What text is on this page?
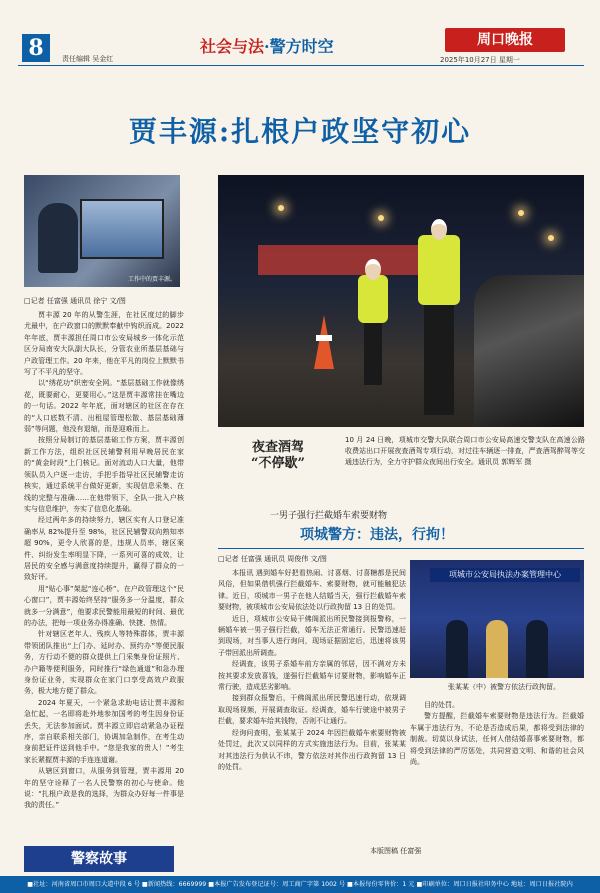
8	责任编辑 吴金红
社会与法·警方时空	周口晚报
2025年10月27日 星期一
贾丰源:扎根户政坚守初心
工作中的贾丰源。
□记者 任富强 通讯员 徐宁 文/图

贾丰源 20 年的从警生涯，在社区度过的脚步尤最中，在户政窗口的默默奉献中钩织而成。2022 年年底，贾丰源担任周口市公安局城乡一体化示范区分局南安大队副大队长，分管农业所基层基础与户政管理工作。20 年来，他在平凡的岗位上默默书写了不平凡的坚守。

以“绣花功”织密安全网。“基层基础工作就像绣花，既要耐心，更要用心。”这是贾丰源常挂在嘴边的一句话。2022 年年底，面对辖区的社区在存在的“人口底数不清、出租屋管理松散、基层基础薄弱”等问题，他没有退缩，而是迎难而上。

按照分局制订的基层基础工作方案，贾丰源创新工作方法，组织社区民辅警利用早晚居民在家的“黄金时段”上门核记。面对流动人口大量，他带领队员入户逐一走访，手把手指导社区民辅警走访核实，通过系统平台做好更新，实现信息采集、在线的完整与准确……在他带领下，全队一批入户核实与信息维护，夯实了信息化基础。

经过两年多的持续努力，辖区实有人口登记准确率从 82%提升至 98%，社区民辅警双向熟知率超 90%，更令人欣喜的是，违规人员率，辖区案件、纠纷发生率明显下降，一系列可喜的成效，让居民的安全感与满意度持续提升，赢得了群众的一致好评。

用“贴心事”架起“连心桥”。在户政管理这个“民心窗口”，贾丰源始终坚持“服务多一分温度，群众就多一分满意”，他要求民警能用最短的时间、最优的办法，把每一项业务办得准确、快捷、热情。

针对辖区老年人、残疾人等特殊群体，贾丰源带领团队推出“上门办、延时办、预约办”等便民服务，方行动不便的群众提供上门采集身份证照片、办户籍等便利服务，同时推行“绿色通道”和急办理身份证业务，实现群众在家门口享受高效户政服务，极大地方便了群众。

2024 年夏天，一个紧急求助电话让贾丰源和急忙起，一名即将赴外地参加国考的考生因身份证丢失，无法参加面试。贾丰源立即启动紧急办证程序，亲自联系相关部门，协调加急制作，在考生动身前把证件送到他手中。“您是我家的贵人！”考生家长紧握贾丰源的手连连道谢。

从辖区到窗口，从服务到管理，贾丰源用 20 年的坚守诠释了一名人民警察的初心与使命。他说：“扎根户政是我的选择，为群众办好每一件事是我的责任。”

夜查酒驾
“不停歇”
10 月 24 日晚，项城市交警大队联合周口市公安局高速交警支队在高速公路收费站出口开展夜查酒驾专项行动，对过往车辆逐一排查，严查酒驾醉驾等交通违法行为，全力守护群众夜间出行安全。通讯员 郭辉军 摄
一男子强行拦截婚车索要财物
项城警方：违法，行拘！
□记者 任富强 通讯员 周俊伟 文/图

本报讯 遇到婚车好把看热闹、讨喜烟、讨喜糖都是民间风俗，但如果借机强行拦截婚车、索要财物，就可能触犯法律。近日，项城市一男子在他人结婚当天，强行拦截婚车索要财物，被项城市公安局依法处以行政拘留 13 日的处罚。

近日，项城市公安局干佛阁派出所民警接到报警称，一辆婚车被一男子强行拦截，婚车无法正常通行。民警迅速赶到现场，对当事人进行询问，现场证据固定后，迅速将该男子带回派出所调查。

经调查，该男子系婚车前方亲属的邻居，因不满对方未按其要求发放喜钱，遂强行拦截婚车讨要财物，影响婚车正常行驶，造成恶劣影响。

接到群众报警后，干佛阁派出所民警迅速行动，依规调取现场视频，开展调查取证。经调查，婚车行驶途中被男子拦截，要求婚车给其钱物，否则不让通行。

经询问查明，张某某于 2024 年因拦截婚车索要财物被处罚过，此次又以同样的方式实施违法行为。目前，张某某对其违法行为供认不讳，警方依法对其作出行政拘留 13 日的处罚。

项城市公安局执法办案管理中心
张某某（中）被警方依法行政拘留。

目的处罚。

警方提醒，拦截婚车索要财物是违法行为。拦截婚车属于违法行为，不论是否造成后果，都将受到法律的制裁。切莫以身试法，任何人借结婚喜事索要财物，都将受到法律的严厉惩处，共同营造文明、和谐的社会风尚。

本版图稿 任富强
警察故事
■社址：河南省周口市周口大道中段 6 号 ■新闻热线：6669999 ■本报广告发布登记证号：周工商广字第 1002 号 ■本报每份零售价：1 元 ■印刷单位：周口日报社印务中心 地址：周口日报社院内
